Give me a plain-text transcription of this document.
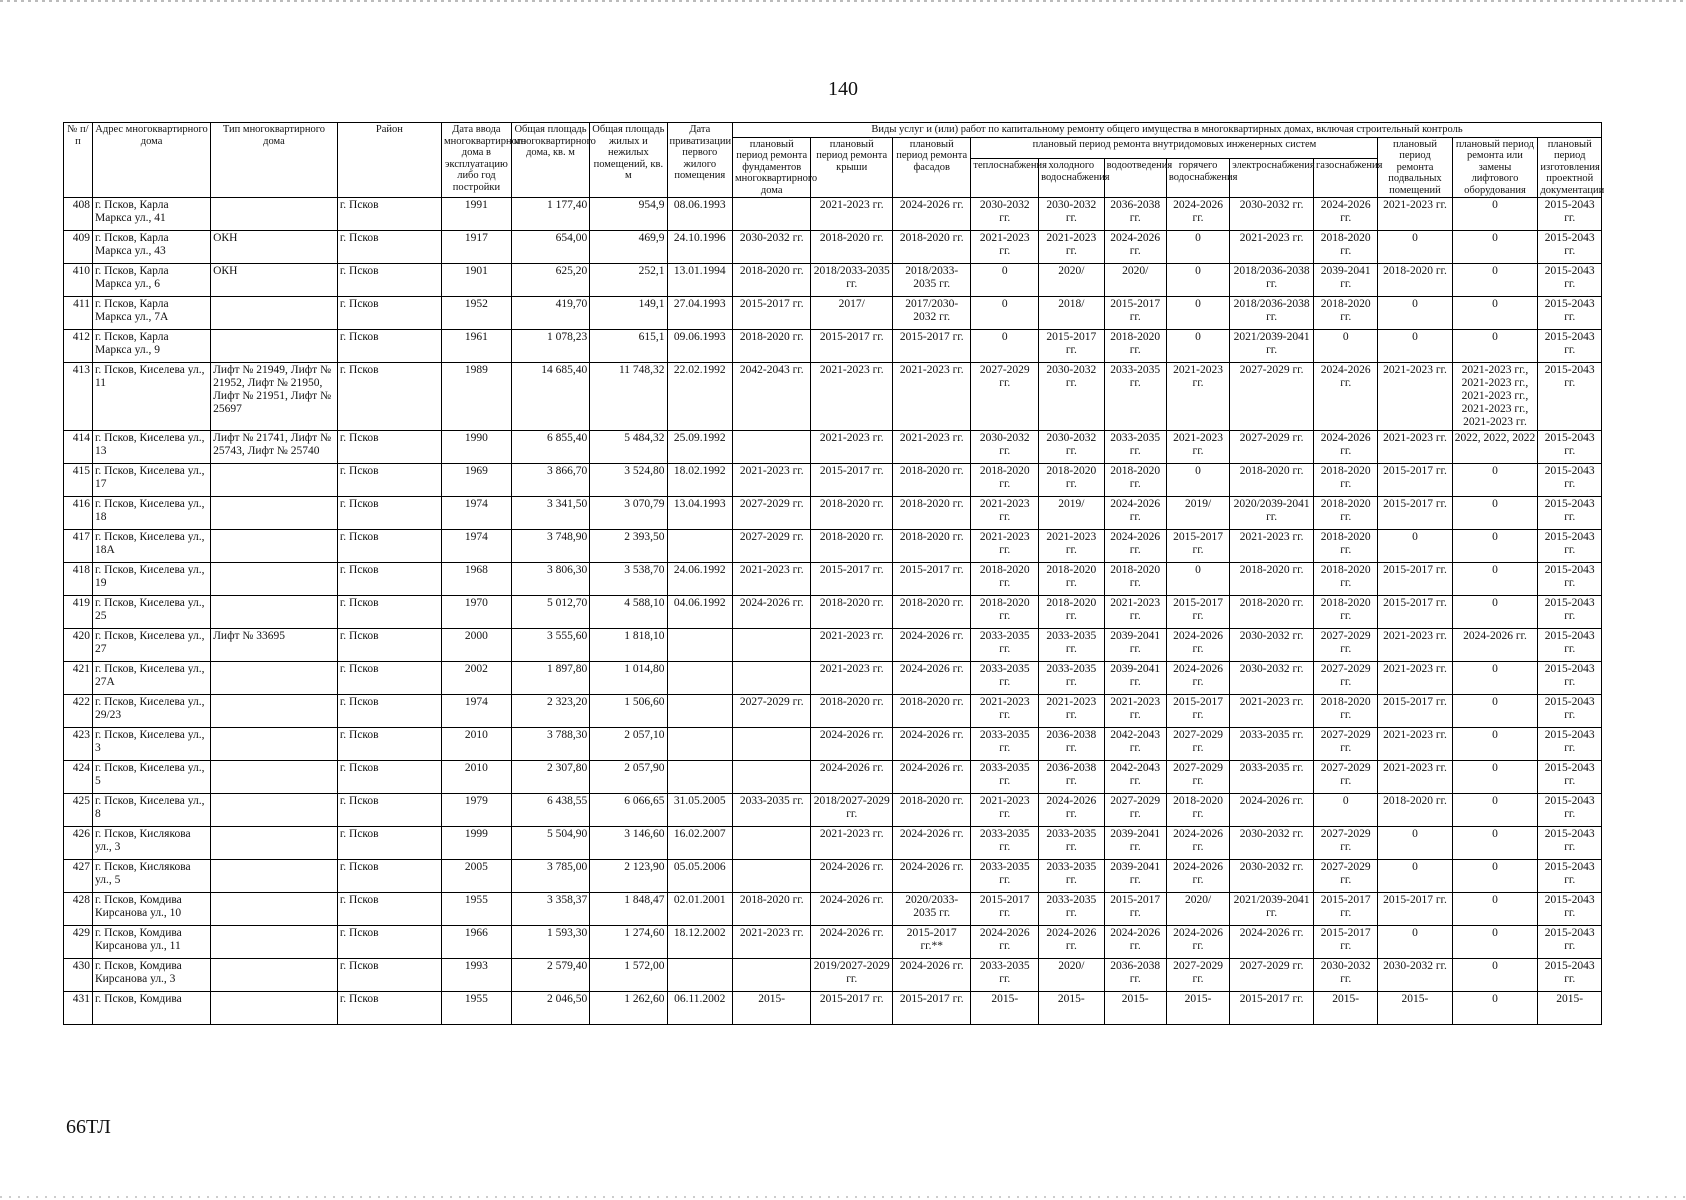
140
№ п/п	Адрес многоквартирного дома	Тип многоквартирного дома	Район	Дата ввода многоквартирного дома в эксплуатацию либо год постройки	Общая площадь многоквартирного дома, кв. м	Общая площадь жилых и нежилых помещений, кв. м	Дата приватизации первого жилого помещения	Виды услуг и (или) работ по капитальному ремонту общего имущества в многоквартирных домах, включая строительный контроль											
								плановый период ремонта фундаментов многоквартирного дома	плановый период ремонта крыши	плановый период ремонта фасадов	плановый период ремонта внутридомовых инженерных систем						плановый период ремонта подвальных помещений	плановый период ремонта или замены лифтового оборудования	плановый период изготовления проектной документации
											теплоснабжения	холодного водоснабжения	водоотведения	горячего водоснабжения	электроснабжения	газоснабжения			
408	г. Псков, Карла Маркса ул., 41		г. Псков	1991	1 177,40	954,9	08.06.1993		2021-2023 гг.	2024-2026 гг.	2030-2032 гг.	2030-2032 гг.	2036-2038 гг.	2024-2026 гг.	2030-2032 гг.	2024-2026 гг.	2021-2023 гг.	0	2015-2043 гг.
409	г. Псков, Карла Маркса ул., 43	ОКН	г. Псков	1917	654,00	469,9	24.10.1996	2030-2032 гг.	2018-2020 гг.	2018-2020 гг.	2021-2023 гг.	2021-2023 гг.	2024-2026 гг.	0	2021-2023 гг.	2018-2020 гг.	0	0	2015-2043 гг.
410	г. Псков, Карла Маркса ул., 6	ОКН	г. Псков	1901	625,20	252,1	13.01.1994	2018-2020 гг.	2018/2033-2035 гг.	2018/2033-2035 гг.	0	2020/	2020/	0	2018/2036-2038 гг.	2039-2041 гг.	2018-2020 гг.	0	2015-2043 гг.
411	г. Псков, Карла Маркса ул., 7А		г. Псков	1952	419,70	149,1	27.04.1993	2015-2017 гг.	2017/	2017/2030-2032 гг.	0	2018/	2015-2017 гг.	0	2018/2036-2038 гг.	2018-2020 гг.	0	0	2015-2043 гг.
412	г. Псков, Карла Маркса ул., 9		г. Псков	1961	1 078,23	615,1	09.06.1993	2018-2020 гг.	2015-2017 гг.	2015-2017 гг.	0	2015-2017 гг.	2018-2020 гг.	0	2021/2039-2041 гг.	0	0	0	2015-2043 гг.
413	г. Псков, Киселева ул., 11	Лифт № 21949, Лифт № 21952, Лифт № 21950, Лифт № 21951, Лифт № 25697	г. Псков	1989	14 685,40	11 748,32	22.02.1992	2042-2043 гг.	2021-2023 гг.	2021-2023 гг.	2027-2029 гг.	2030-2032 гг.	2033-2035 гг.	2021-2023 гг.	2027-2029 гг.	2024-2026 гг.	2021-2023 гг.	2021-2023 гг., 2021-2023 гг., 2021-2023 гг., 2021-2023 гг., 2021-2023 гг.	2015-2043 гг.
414	г. Псков, Киселева ул., 13	Лифт № 21741, Лифт № 25743, Лифт № 25740	г. Псков	1990	6 855,40	5 484,32	25.09.1992		2021-2023 гг.	2021-2023 гг.	2030-2032 гг.	2030-2032 гг.	2033-2035 гг.	2021-2023 гг.	2027-2029 гг.	2024-2026 гг.	2021-2023 гг.	2022, 2022, 2022	2015-2043 гг.
415	г. Псков, Киселева ул., 17		г. Псков	1969	3 866,70	3 524,80	18.02.1992	2021-2023 гг.	2015-2017 гг.	2018-2020 гг.	2018-2020 гг.	2018-2020 гг.	2018-2020 гг.	0	2018-2020 гг.	2018-2020 гг.	2015-2017 гг.	0	2015-2043 гг.
416	г. Псков, Киселева ул., 18		г. Псков	1974	3 341,50	3 070,79	13.04.1993	2027-2029 гг.	2018-2020 гг.	2018-2020 гг.	2021-2023 гг.	2019/	2024-2026 гг.	2019/	2020/2039-2041 гг.	2018-2020 гг.	2015-2017 гг.	0	2015-2043 гг.
417	г. Псков, Киселева ул., 18А		г. Псков	1974	3 748,90	2 393,50		2027-2029 гг.	2018-2020 гг.	2018-2020 гг.	2021-2023 гг.	2021-2023 гг.	2024-2026 гг.	2015-2017 гг.	2021-2023 гг.	2018-2020 гг.	0	0	2015-2043 гг.
418	г. Псков, Киселева ул., 19		г. Псков	1968	3 806,30	3 538,70	24.06.1992	2021-2023 гг.	2015-2017 гг.	2015-2017 гг.	2018-2020 гг.	2018-2020 гг.	2018-2020 гг.	0	2018-2020 гг.	2018-2020 гг.	2015-2017 гг.	0	2015-2043 гг.
419	г. Псков, Киселева ул., 25		г. Псков	1970	5 012,70	4 588,10	04.06.1992	2024-2026 гг.	2018-2020 гг.	2018-2020 гг.	2018-2020 гг.	2018-2020 гг.	2021-2023 гг.	2015-2017 гг.	2018-2020 гг.	2018-2020 гг.	2015-2017 гг.	0	2015-2043 гг.
420	г. Псков, Киселева ул., 27	Лифт № 33695	г. Псков	2000	3 555,60	1 818,10			2021-2023 гг.	2024-2026 гг.	2033-2035 гг.	2033-2035 гг.	2039-2041 гг.	2024-2026 гг.	2030-2032 гг.	2027-2029 гг.	2021-2023 гг.	2024-2026 гг.	2015-2043 гг.
421	г. Псков, Киселева ул., 27А		г. Псков	2002	1 897,80	1 014,80			2021-2023 гг.	2024-2026 гг.	2033-2035 гг.	2033-2035 гг.	2039-2041 гг.	2024-2026 гг.	2030-2032 гг.	2027-2029 гг.	2021-2023 гг.	0	2015-2043 гг.
422	г. Псков, Киселева ул., 29/23		г. Псков	1974	2 323,20	1 506,60		2027-2029 гг.	2018-2020 гг.	2018-2020 гг.	2021-2023 гг.	2021-2023 гг.	2021-2023 гг.	2015-2017 гг.	2021-2023 гг.	2018-2020 гг.	2015-2017 гг.	0	2015-2043 гг.
423	г. Псков, Киселева ул., 3		г. Псков	2010	3 788,30	2 057,10			2024-2026 гг.	2024-2026 гг.	2033-2035 гг.	2036-2038 гг.	2042-2043 гг.	2027-2029 гг.	2033-2035 гг.	2027-2029 гг.	2021-2023 гг.	0	2015-2043 гг.
424	г. Псков, Киселева ул., 5		г. Псков	2010	2 307,80	2 057,90			2024-2026 гг.	2024-2026 гг.	2033-2035 гг.	2036-2038 гг.	2042-2043 гг.	2027-2029 гг.	2033-2035 гг.	2027-2029 гг.	2021-2023 гг.	0	2015-2043 гг.
425	г. Псков, Киселева ул., 8		г. Псков	1979	6 438,55	6 066,65	31.05.2005	2033-2035 гг.	2018/2027-2029 гг.	2018-2020 гг.	2021-2023 гг.	2024-2026 гг.	2027-2029 гг.	2018-2020 гг.	2024-2026 гг.	0	2018-2020 гг.	0	2015-2043 гг.
426	г. Псков, Кислякова ул., 3		г. Псков	1999	5 504,90	3 146,60	16.02.2007		2021-2023 гг.	2024-2026 гг.	2033-2035 гг.	2033-2035 гг.	2039-2041 гг.	2024-2026 гг.	2030-2032 гг.	2027-2029 гг.	0	0	2015-2043 гг.
427	г. Псков, Кислякова ул., 5		г. Псков	2005	3 785,00	2 123,90	05.05.2006		2024-2026 гг.	2024-2026 гг.	2033-2035 гг.	2033-2035 гг.	2039-2041 гг.	2024-2026 гг.	2030-2032 гг.	2027-2029 гг.	0	0	2015-2043 гг.
428	г. Псков, Комдива Кирсанова ул., 10		г. Псков	1955	3 358,37	1 848,47	02.01.2001	2018-2020 гг.	2024-2026 гг.	2020/2033-2035 гг.	2015-2017 гг.	2033-2035 гг.	2015-2017 гг.	2020/	2021/2039-2041 гг.	2015-2017 гг.	2015-2017 гг.	0	2015-2043 гг.
429	г. Псков, Комдива Кирсанова ул., 11		г. Псков	1966	1 593,30	1 274,60	18.12.2002	2021-2023 гг.	2024-2026 гг.	2015-2017 гг.**	2024-2026 гг.	2024-2026 гг.	2024-2026 гг.	2024-2026 гг.	2024-2026 гг.	2015-2017 гг.	0	0	2015-2043 гг.
430	г. Псков, Комдива Кирсанова ул., 3		г. Псков	1993	2 579,40	1 572,00			2019/2027-2029 гг.	2024-2026 гг.	2033-2035 гг.	2020/	2036-2038 гг.	2027-2029 гг.	2027-2029 гг.	2030-2032 гг.	2030-2032 гг.	0	2015-2043 гг.
431	г. Псков, Комдива		г. Псков	1955	2 046,50	1 262,60	06.11.2002	2015-	2015-2017 гг.	2015-2017 гг.	2015-	2015-	2015-	2015-	2015-2017 гг.	2015-	2015-	0	2015-
66ТЛ
